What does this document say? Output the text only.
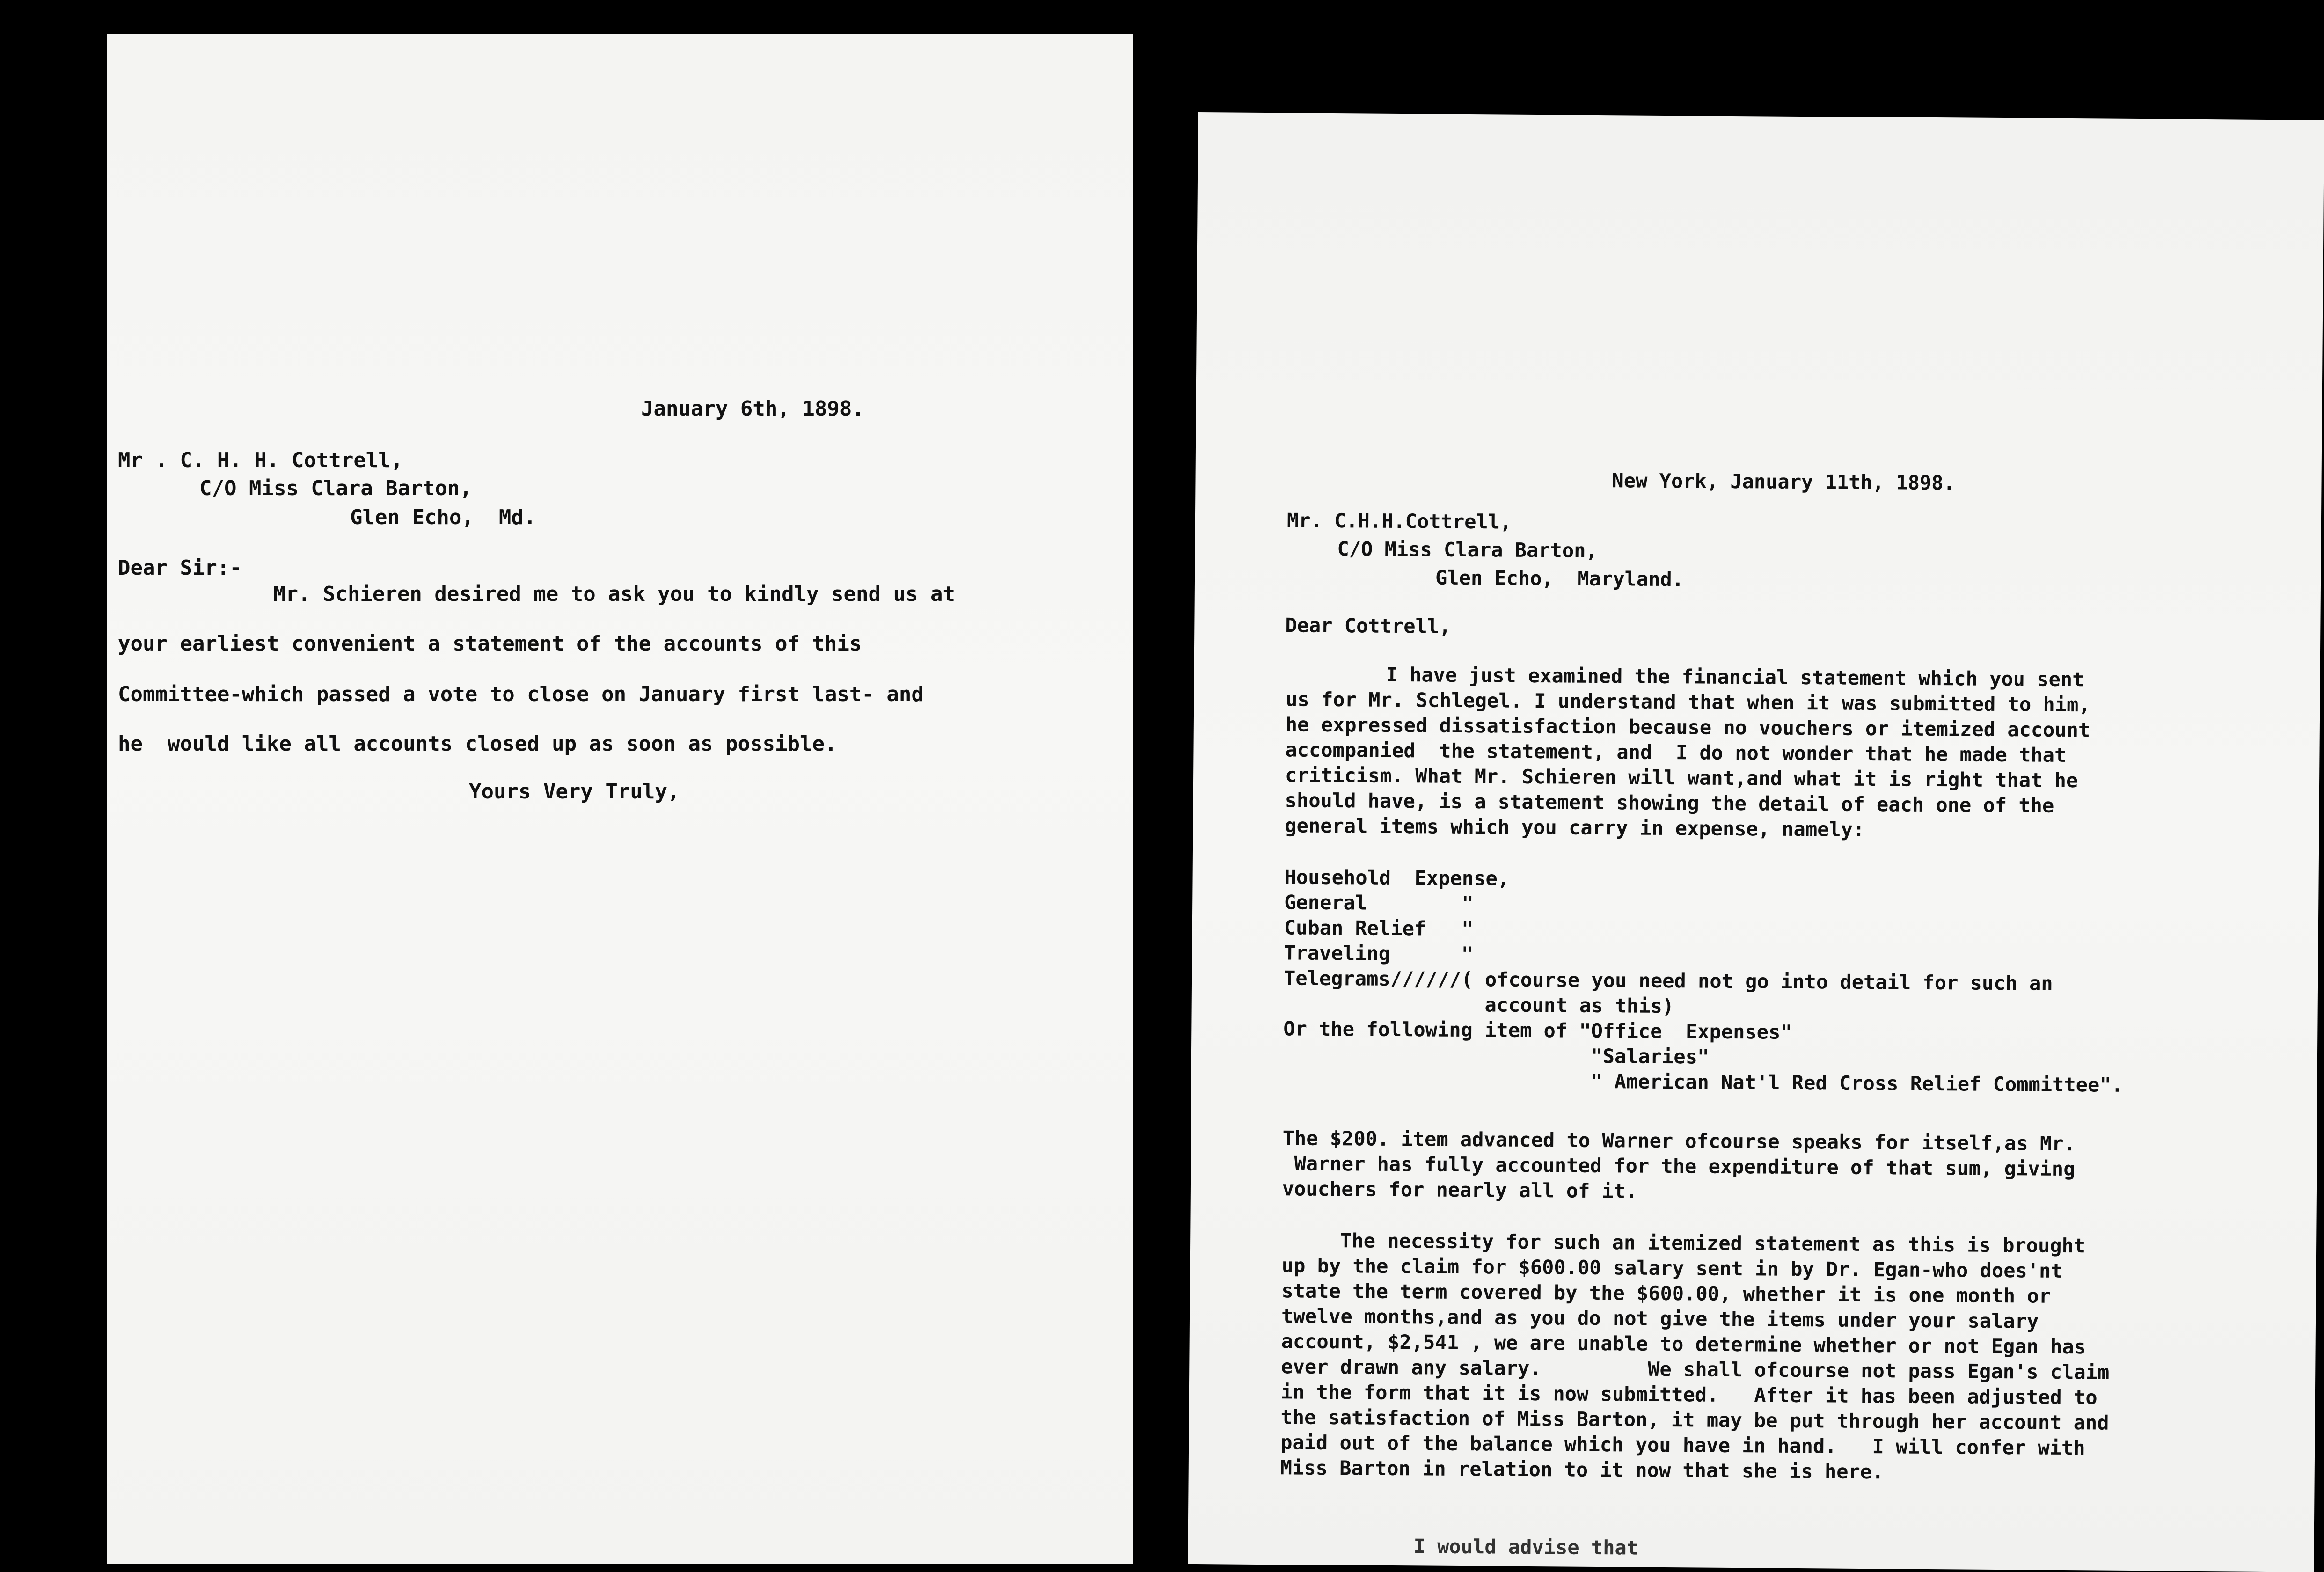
January 6th, 1898.
Mr . C. H. H. Cottrell,
C/O Miss Clara Barton,
Glen Echo,  Md.
Dear Sir:-
Mr. Schieren desired me to ask you to kindly send us at
your earliest convenient a statement of the accounts of this
Committee-which passed a vote to close on January first last- and
he  would like all accounts closed up as soon as possible.
Yours Very Truly,
New York, January 11th, 1898.
Mr. C.H.H.Cottrell,
C/O Miss Clara Barton,
Glen Echo,  Maryland.
Dear Cottrell,
I have just examined the financial statement which you sent
us for Mr. Schlegel. I understand that when it was submitted to him,
he expressed dissatisfaction because no vouchers or itemized account
accompanied  the statement, and  I do not wonder that he made that
criticism. What Mr. Schieren will want,and what it is right that he
should have, is a statement showing the detail of each one of the
general items which you carry in expense, namely:
Household  Expense,
General        "
Cuban Relief   "
Traveling      "
Telegrams//////( ofcourse you need not go into detail for such an
account as this)
Or the following item of "Office  Expenses"
"Salaries"
" American Nat'l Red Cross Relief Committee".
The $200. item advanced to Warner ofcourse speaks for itself,as Mr.
Warner has fully accounted for the expenditure of that sum, giving
vouchers for nearly all of it.
The necessity for such an itemized statement as this is brought
up by the claim for $600.00 salary sent in by Dr. Egan-who does'nt
state the term covered by the $600.00, whether it is one month or
twelve months,and as you do not give the items under your salary
account, $2,541 , we are unable to determine whether or not Egan has
ever drawn any salary.         We shall ofcourse not pass Egan's claim
in the form that it is now submitted.   After it has been adjusted to
the satisfaction of Miss Barton, it may be put through her account and
paid out of the balance which you have in hand.   I will confer with
Miss Barton in relation to it now that she is here.
I would advise that
